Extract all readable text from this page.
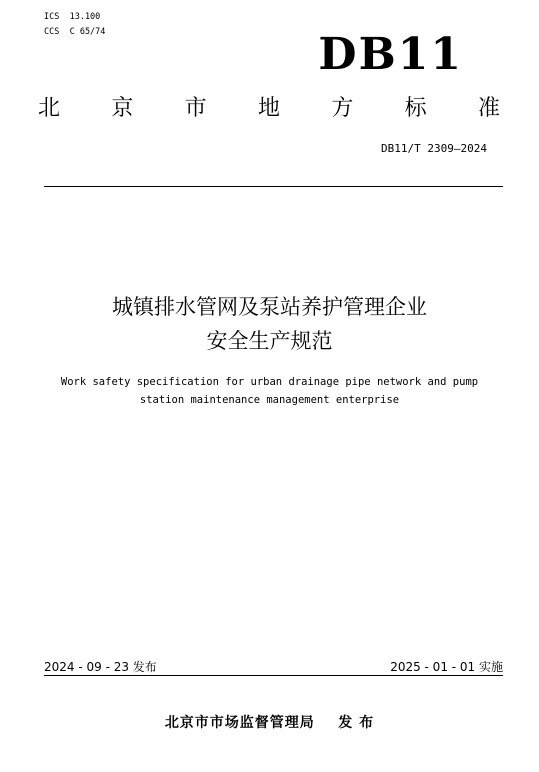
ICS  13.100
CCS  C 65/74	DB11
北 京 市 地 方 标 准
DB11/T 2309—2024
城镇排水管网及泵站养护管理企业
安全生产规范
Work safety specification for urban drainage pipe network and pump
station maintenance management enterprise
2024 - 09 - 23 发布	2025 - 01 - 01 实施
北京市市场监督管理局    发 布
